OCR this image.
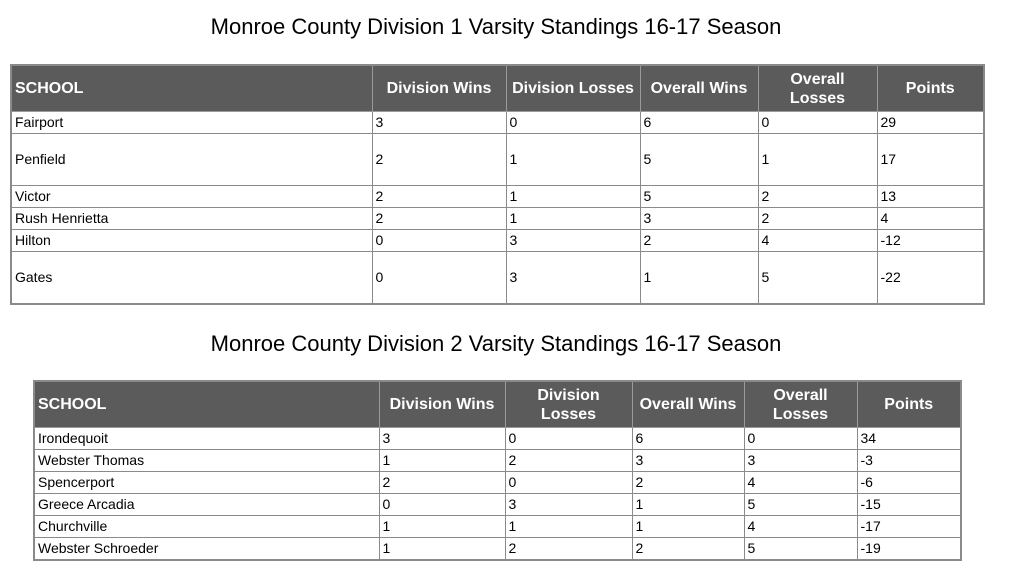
Monroe County Division 1 Varsity Standings 16-17 Season
SCHOOL	Division Wins	Division Losses	Overall Wins	Overall Losses	Points
Fairport	3	0	6	0	29
Penfield	2	1	5	1	17
Victor	2	1	5	2	13
Rush Henrietta	2	1	3	2	4
Hilton	0	3	2	4	-12
Gates	0	3	1	5	-22
Monroe County Division 2 Varsity Standings 16-17 Season
SCHOOL	Division Wins	Division Losses	Overall Wins	Overall Losses	Points
Irondequoit	3	0	6	0	34
Webster Thomas	1	2	3	3	-3
Spencerport	2	0	2	4	-6
Greece Arcadia	0	3	1	5	-15
Churchville	1	1	1	4	-17
Webster Schroeder	1	2	2	5	-19
